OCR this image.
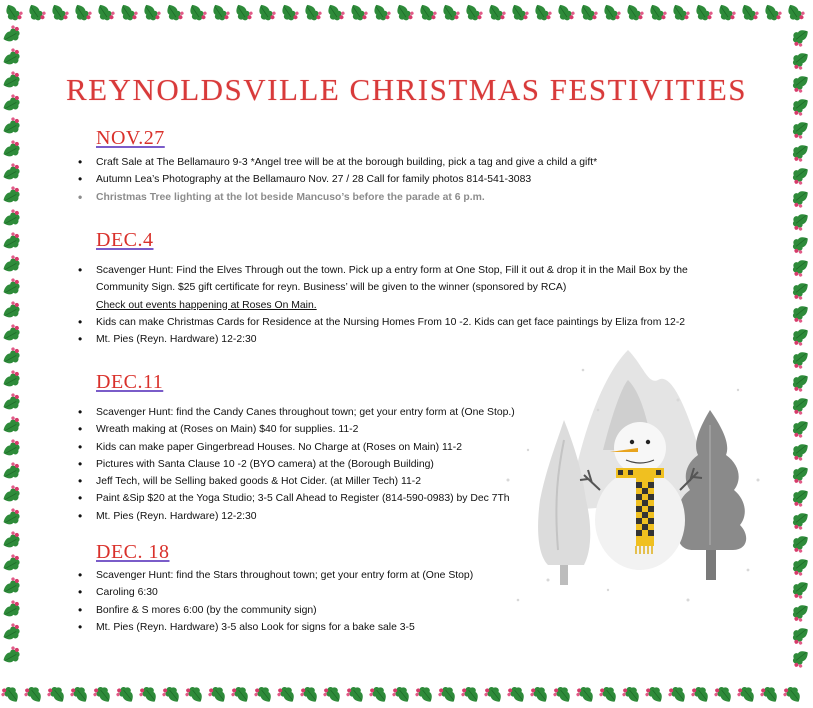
REYNOLDSVILLE CHRISTMAS FESTIVITIES
NOV.27
• Craft Sale at The Bellamauro 9-3 *Angel tree will be at the borough building, pick a tag and give a child a gift*
• Autumn Lea’s Photography at the Bellamauro Nov. 27 / 28 Call for family photos 814-541-3083
• Christmas Tree lighting at the lot beside Mancuso’s before the parade at 6 p.m.
DEC.4
• Scavenger Hunt: Find the Elves Through out the town. Pick up a entry form at One Stop, Fill it out & drop it in the Mail Box by the
Community Sign. $25 gift certificate for reyn. Business’ will be given to the winner (sponsored by RCA)
Check out events happening at Roses On Main.
• Kids can make Christmas Cards for Residence at the Nursing Homes From 10 -2. Kids can get face paintings by Eliza from 12-2
• Mt. Pies (Reyn. Hardware) 12-2:30
DEC.11
• Scavenger Hunt: find the Candy Canes throughout town; get your entry form at (One Stop.)
• Wreath making at (Roses on Main) $40 for supplies. 11-2
• Kids can make paper Gingerbread Houses. No Charge at (Roses on Main) 11-2
• Pictures with Santa Clause 10 -2 (BYO camera) at the (Borough Building)
• Jeff Tech, will be Selling baked goods & Hot Cider. (at Miller Tech) 11-2
• Paint &Sip $20 at the Yoga Studio; 3-5 Call Ahead to Register (814-590-0983) by Dec 7Th
• Mt. Pies (Reyn. Hardware) 12-2:30
DEC. 18
• Scavenger Hunt: find the Stars throughout town; get your entry form at (One Stop)
• Caroling 6:30
• Bonfire & S mores 6:00 (by the community sign)
• Mt. Pies (Reyn. Hardware) 3-5 also Look for signs for a bake sale 3-5
